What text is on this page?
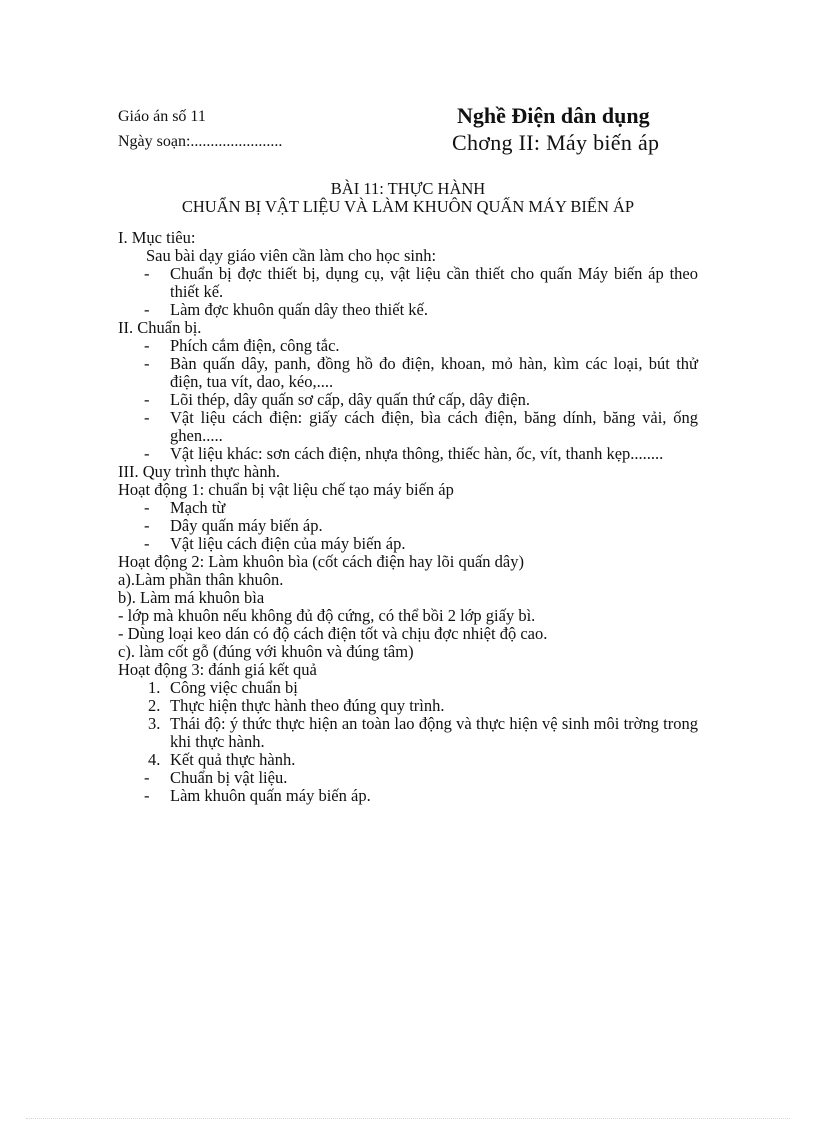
Giáo án số 11
Ngày soạn:.......................
Nghề Điện dân dụng
Chơng II: Máy biến áp
BÀI 11: THỰC HÀNH
CHUẨN BỊ VẬT LIỆU VÀ LÀM KHUÔN QUẤN MÁY BIẾN ÁP
I. Mục tiêu:
Sau bài dạy giáo viên cần làm cho học sinh:
-	Chuẩn bị đợc thiết bị, dụng cụ, vật liệu cần thiết cho quấn Máy biến áp theo thiết kế.
-	Làm đợc khuôn quấn dây theo thiết kế.
II. Chuẩn bị.
-	Phích cắm điện, công tắc.
-	Bàn quấn dây, panh, đồng hồ đo điện, khoan, mỏ hàn, kìm các loại, bút thử điện, tua vít, dao, kéo,....
-	Lõi thép, dây quấn sơ cấp, dây quấn thứ cấp, dây điện.
-	Vật liệu cách điện: giấy cách điện, bìa cách điện, băng dính, băng vải, ống ghen.....
-	Vật liệu khác: sơn cách điện, nhựa thông, thiếc hàn, ốc, vít, thanh kẹp........
III. Quy trình thực hành.
Hoạt động 1: chuẩn bị vật liệu chế tạo máy biến áp
-	Mạch từ
-	Dây quấn máy biến áp.
-	Vật liệu cách điện của máy biến áp.
Hoạt động 2: Làm khuôn bìa (cốt cách điện hay lõi quấn dây)
a).Làm phần thân khuôn.
b). Làm má khuôn bìa
- lớp mà khuôn nếu không đủ độ cứng, có thể bồi 2 lớp giấy bì.
- Dùng loại keo dán có độ cách điện tốt và chịu đợc nhiệt độ cao.
c). làm cốt gỗ (đúng với khuôn và đúng tâm)
Hoạt động 3: đánh giá kết quả
1. Công việc chuẩn bị
2. Thực hiện thực hành theo đúng quy trình.
3. Thái độ: ý thức thực hiện an toàn lao động và thực hiện vệ sinh môi trờng trong khi thực hành.
4. Kết quả thực hành.
-	Chuẩn bị vật liệu.
-	Làm khuôn quấn máy biến áp.
